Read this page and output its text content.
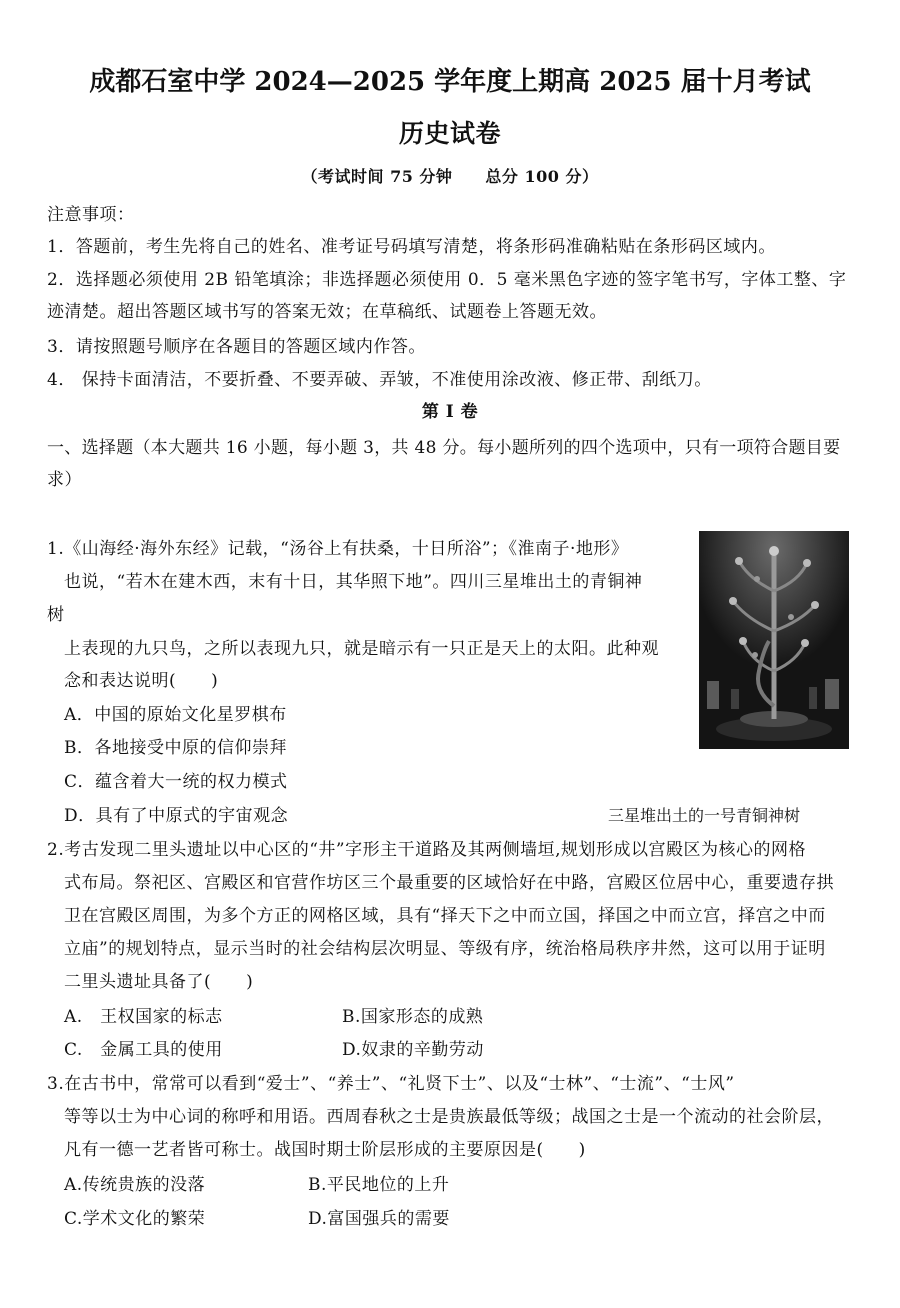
成都石室中学 2024—2025 学年度上期高 2025 届十月考试
历史试卷
（考试时间 75 分钟　　总分 100 分）
注意事项：
1．答题前，考生先将自己的姓名、准考证号码填写清楚，将条形码准确粘贴在条形码区域内。
2．选择题必须使用 2B 铅笔填涂；非选择题必须使用 0．5 毫米黑色字迹的签字笔书写，字体工整、字
迹清楚。超出答题区域书写的答案无效；在草稿纸、试题卷上答题无效。
3．请按照题号顺序在各题目的答题区域内作答。
4． 保持卡面清洁，不要折叠、不要弄破、弄皱，不准使用涂改液、修正带、刮纸刀。
第 I 卷
一、选择题（本大题共 16 小题，每小题 3，共 48 分。每小题所列的四个选项中，只有一项符合题目要
求）
1.《山海经·海外东经》记载，“汤谷上有扶桑，十日所浴”；《淮南子·地形》
也说，“若木在建木西，末有十日，其华照下地”。四川三星堆出土的青铜神
树
上表现的九只鸟，之所以表现九只，就是暗示有一只正是天上的太阳。此种观
念和表达说明(　　)
A．中国的原始文化星罗棋布
B．各地接受中原的信仰崇拜
C．蕴含着大一统的权力模式
D．具有了中原式的宇宙观念	三星堆出土的一号青铜神树
2.考古发现二里头遗址以中心区的“井”字形主干道路及其两侧墙垣,规划形成以宫殿区为核心的网格
式布局。祭祀区、宫殿区和官营作坊区三个最重要的区域恰好在中路，宫殿区位居中心，重要遗存拱
卫在宫殿区周围，为多个方正的网格区域，具有“择天下之中而立国，择国之中而立宫，择宫之中而
立庙”的规划特点，显示当时的社会结构层次明显、等级有序，统治格局秩序井然，这可以用于证明
二里头遗址具备了(　　)
A.　王权国家的标志	B.国家形态的成熟
C.　金属工具的使用	D.奴隶的辛勤劳动
3.在古书中，常常可以看到“爱士”、“养士”、“礼贤下士”、以及“士林”、“士流”、“士风”
等等以士为中心词的称呼和用语。西周春秋之士是贵族最低等级；战国之士是一个流动的社会阶层，
凡有一德一艺者皆可称士。战国时期士阶层形成的主要原因是(　　)
A.传统贵族的没落	B.平民地位的上升
C.学术文化的繁荣	D.富国强兵的需要
